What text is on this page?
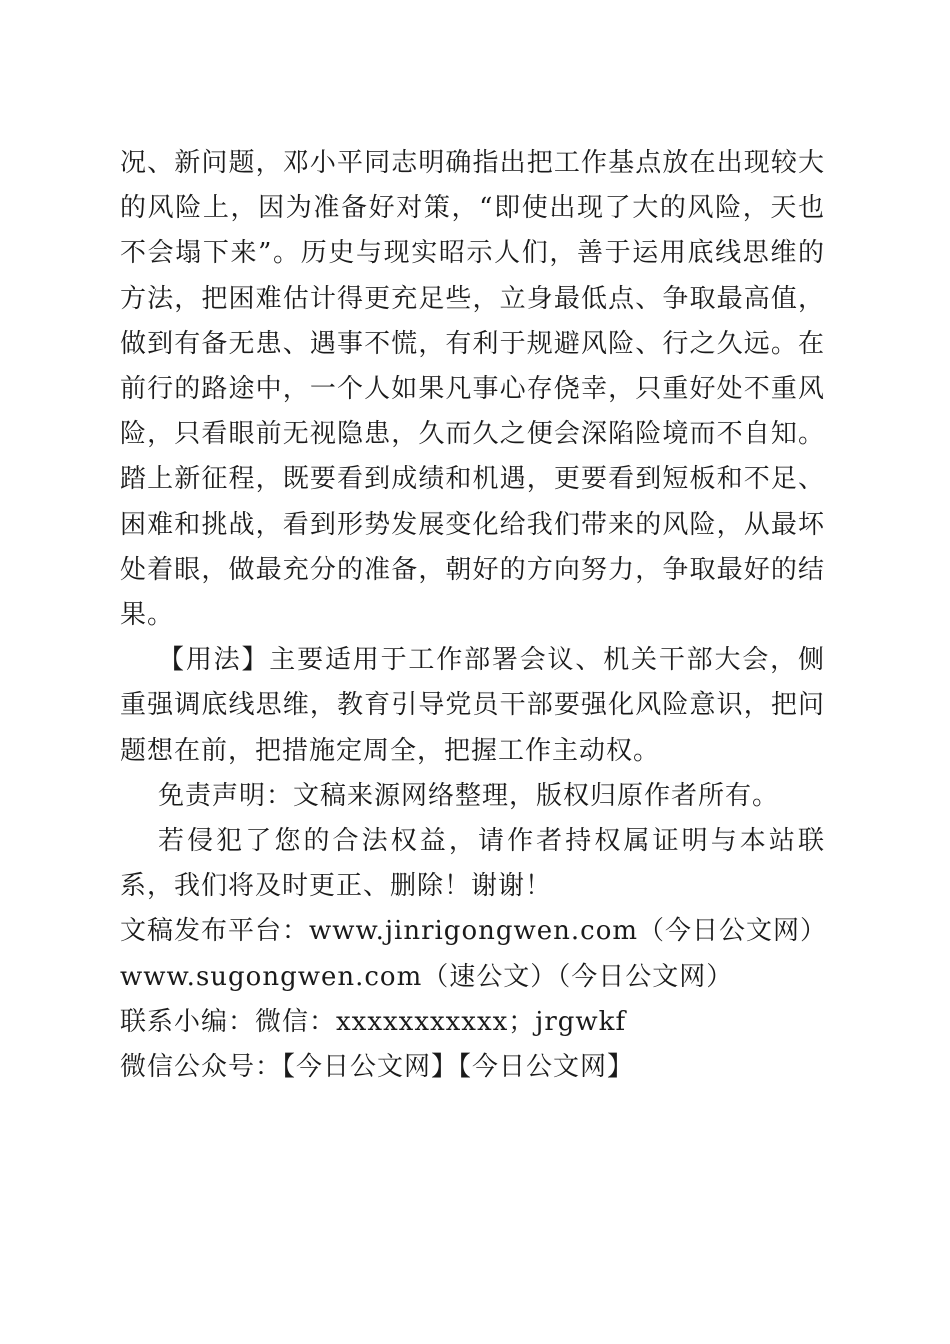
况、新问题，邓小平同志明确指出把工作基点放在出现较大的风险上，因为准备好对策，“即使出现了大的风险，天也不会塌下来”。历史与现实昭示人们，善于运用底线思维的方法，把困难估计得更充足些，立身最低点、争取最高值，做到有备无患、遇事不慌，有利于规避风险、行之久远。在前行的路途中，一个人如果凡事心存侥幸，只重好处不重风险，只看眼前无视隐患，久而久之便会深陷险境而不自知。踏上新征程，既要看到成绩和机遇，更要看到短板和不足、困难和挑战，看到形势发展变化给我们带来的风险，从最坏处着眼，做最充分的准备，朝好的方向努力，争取最好的结果。

【用法】主要适用于工作部署会议、机关干部大会，侧重强调底线思维，教育引导党员干部要强化风险意识，把问题想在前，把措施定周全，把握工作主动权。

免责声明：文稿来源网络整理，版权归原作者所有。

若侵犯了您的合法权益，请作者持权属证明与本站联系，我们将及时更正、删除！谢谢！

文稿发布平台：www.jinrigongwen.com（今日公文网）

www.sugongwen.com（速公文）（今日公文网）

联系小编：微信：xxxxxxxxxxx；jrgwkf

微信公众号：【今日公文网】【今日公文网】
